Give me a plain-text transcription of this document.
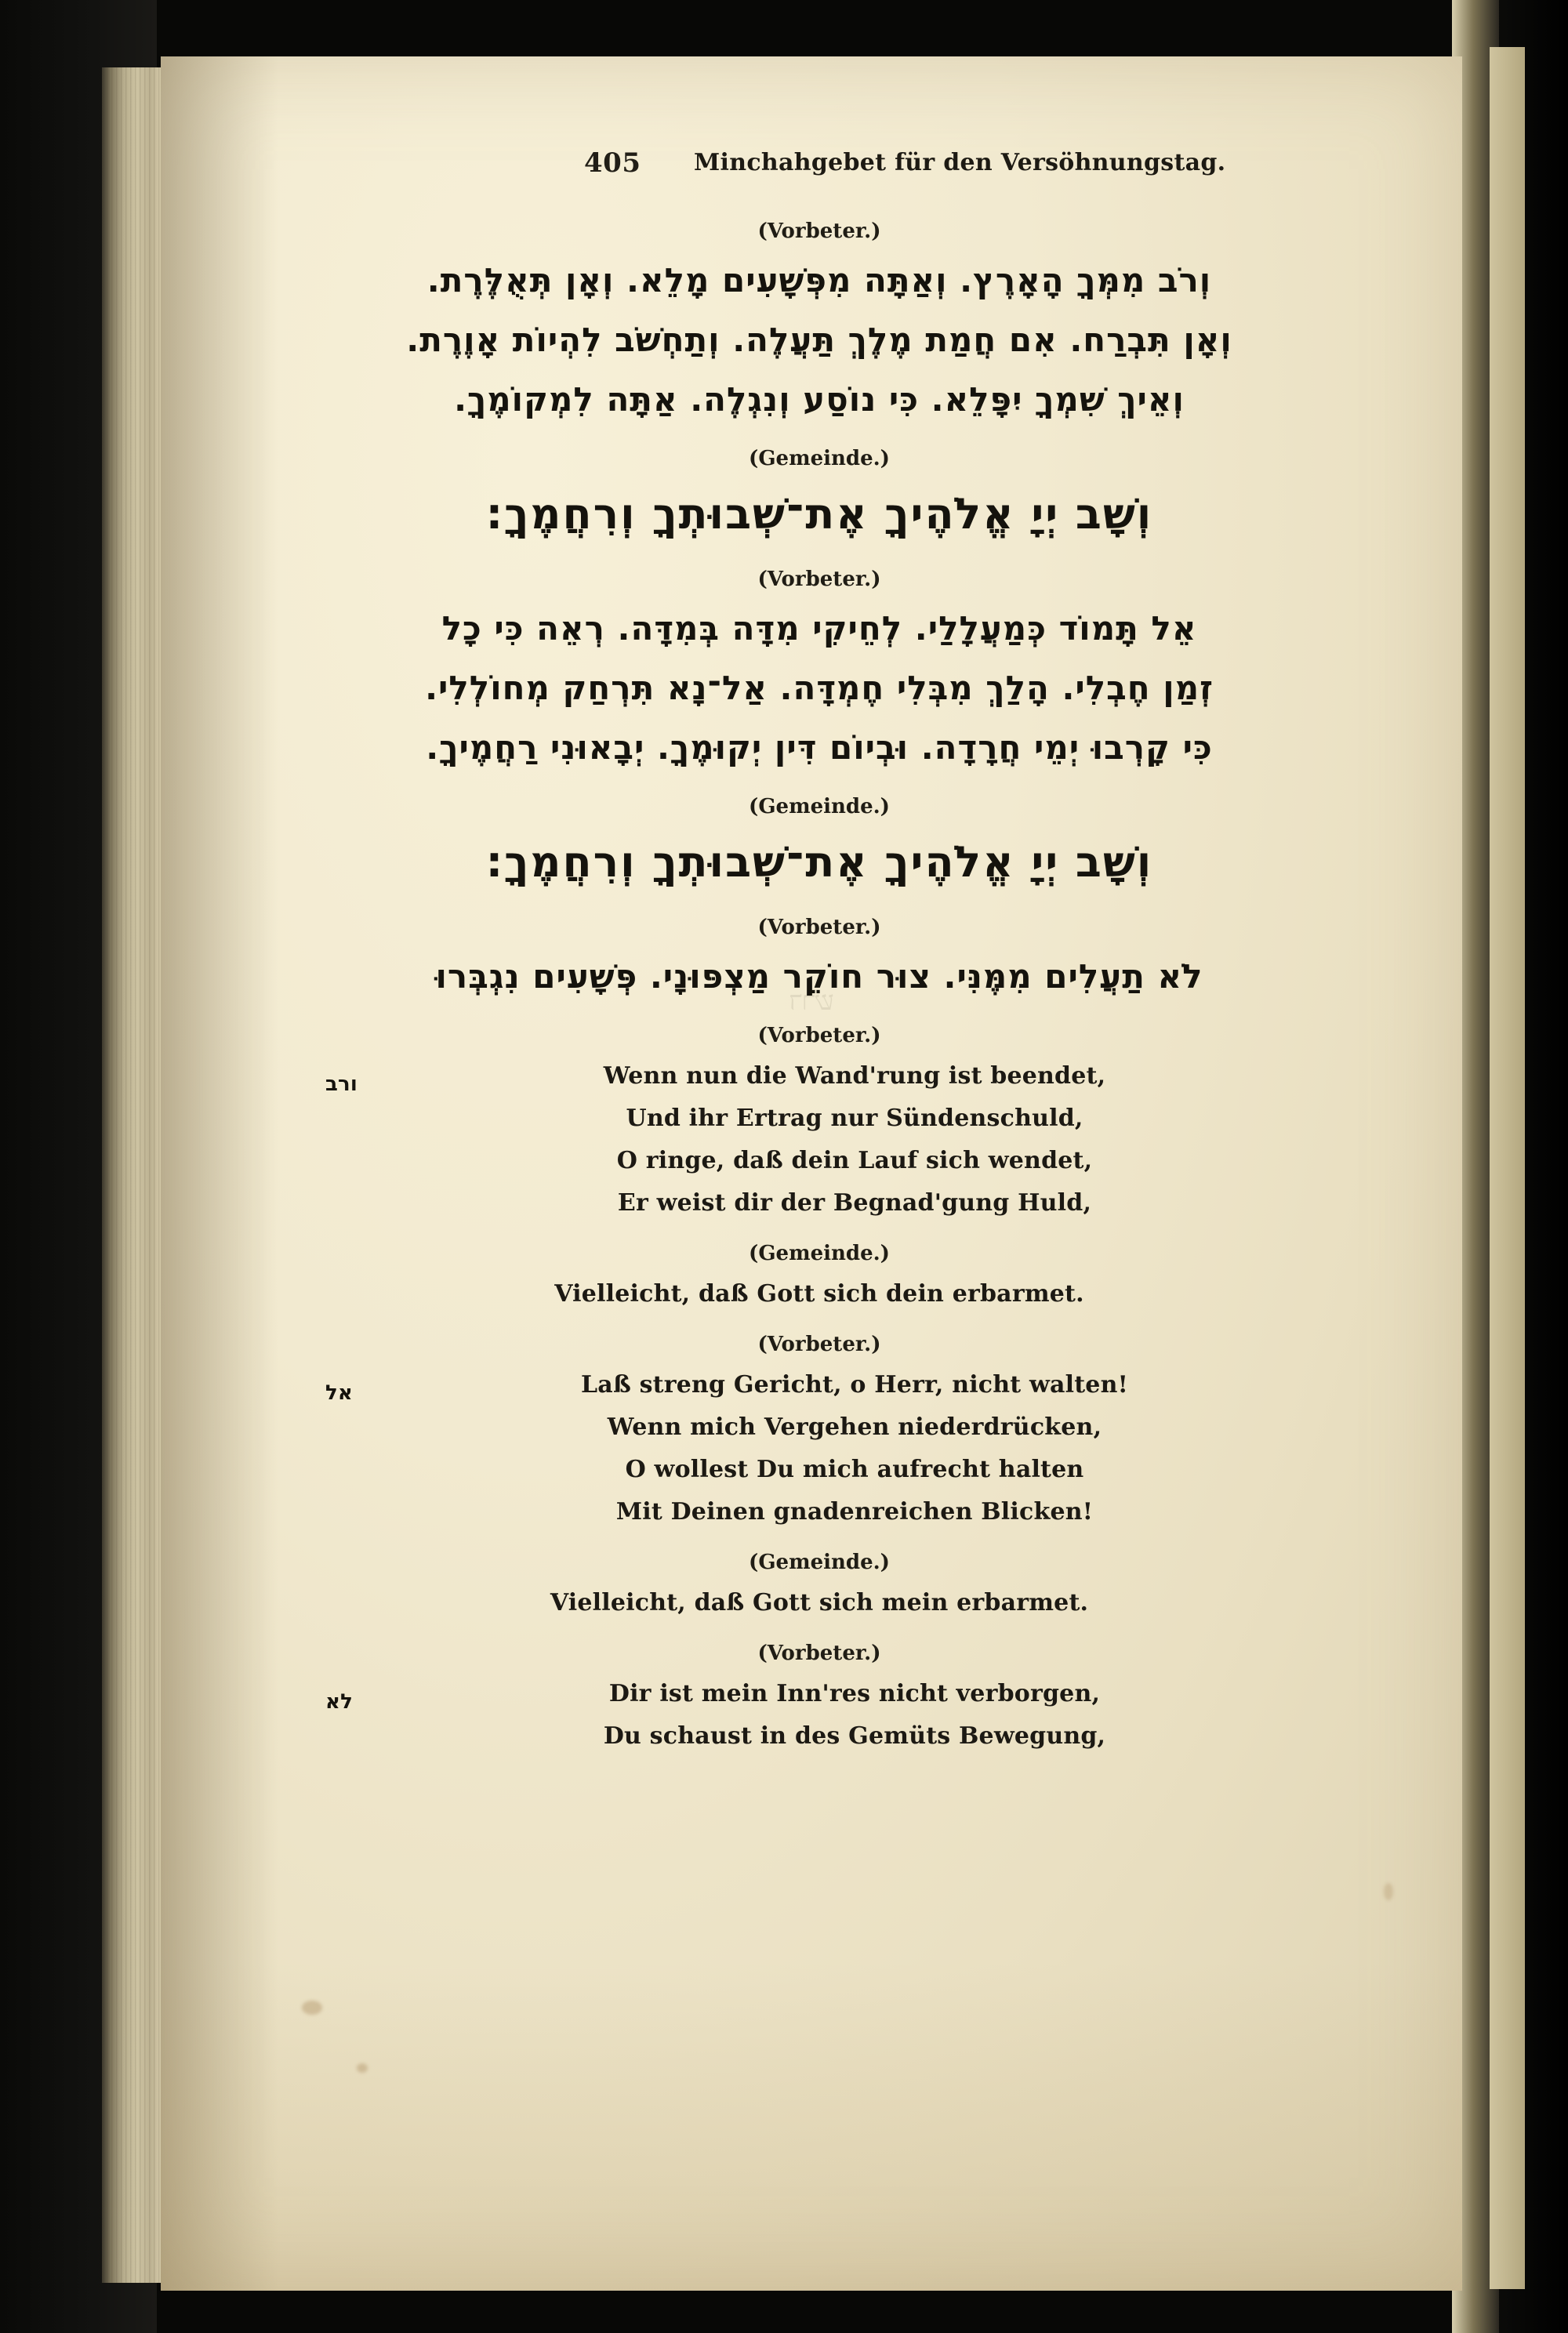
דרש
405 Minchahgebet für den Versöhnungstag.
(Vorbeter.)
וְרֹב מִמְּךָ הָאָרֶץ. וְאַתָּה מִפְּשָׁעִים מָלֵא. וְאָן תְּאֻלֶּרֶת.
וְאָן תִּבְרַח. אִם חֲמַת מֶלֶךְ תַּעֲלֶה. וְתַחְשֹׁב לִהְיוֹת אָוֶרֶת.
וְאֵיךְ שִׁמְךָ יִפָּלֵא. כִּי נוֹסַע וְנִגְלֶה. אַתָּה לִמְקוֹמֶךָ.
(Gemeinde.)
וְשָׁב יְיָ אֱלֹהֶיךָ אֶת־שְׁבוּתְךָ וְרִחֲמֶךָ:
(Vorbeter.)
אֵל תָּמוֹד כְּמַעֲלָלַי. לְחֵיקִי מִדָּה בְּמִדָּה. רְאֵה כִּי כָל
זְמַן חֶבְלִי. הָלַךְ מִבְּלִי חֶמְדָּה. אַל־נָא תִּרְחַק מְחוֹלְלִי.
כִּי קָרְבוּ יְמֵי חֲרָדָה. וּבְיוֹם דִּין יְקוּמֶךָ. יְבָאוּנִי רַחֲמֶיךָ.
(Gemeinde.)
וְשָׁב יְיָ אֱלֹהֶיךָ אֶת־שְׁבוּתְךָ וְרִחֲמֶךָ:
(Vorbeter.)
לֹא תַעֲלִים מִמֶּנִּי. צוּר חוֹקֵר מַצְפּוּנָי. פְּשָׁעִים נִגְבְּרוּ
(Vorbeter.)
ורב	Wenn nun die Wand'rung ist beendet,
Und ihr Ertrag nur Sündenschuld,
O ringe, daß dein Lauf sich wendet,
Er weist dir der Begnad'gung Huld,
(Gemeinde.)
Vielleicht, daß Gott sich dein erbarmet.
(Vorbeter.)
אל	Laß streng Gericht, o Herr, nicht walten!
Wenn mich Vergehen niederdrücken,
O wollest Du mich aufrecht halten
Mit Deinen gnadenreichen Blicken!
(Gemeinde.)
Vielleicht, daß Gott sich mein erbarmet.
(Vorbeter.)
לא	Dir ist mein Inn'res nicht verborgen,
Du schaust in des Gemüts Bewegung,
